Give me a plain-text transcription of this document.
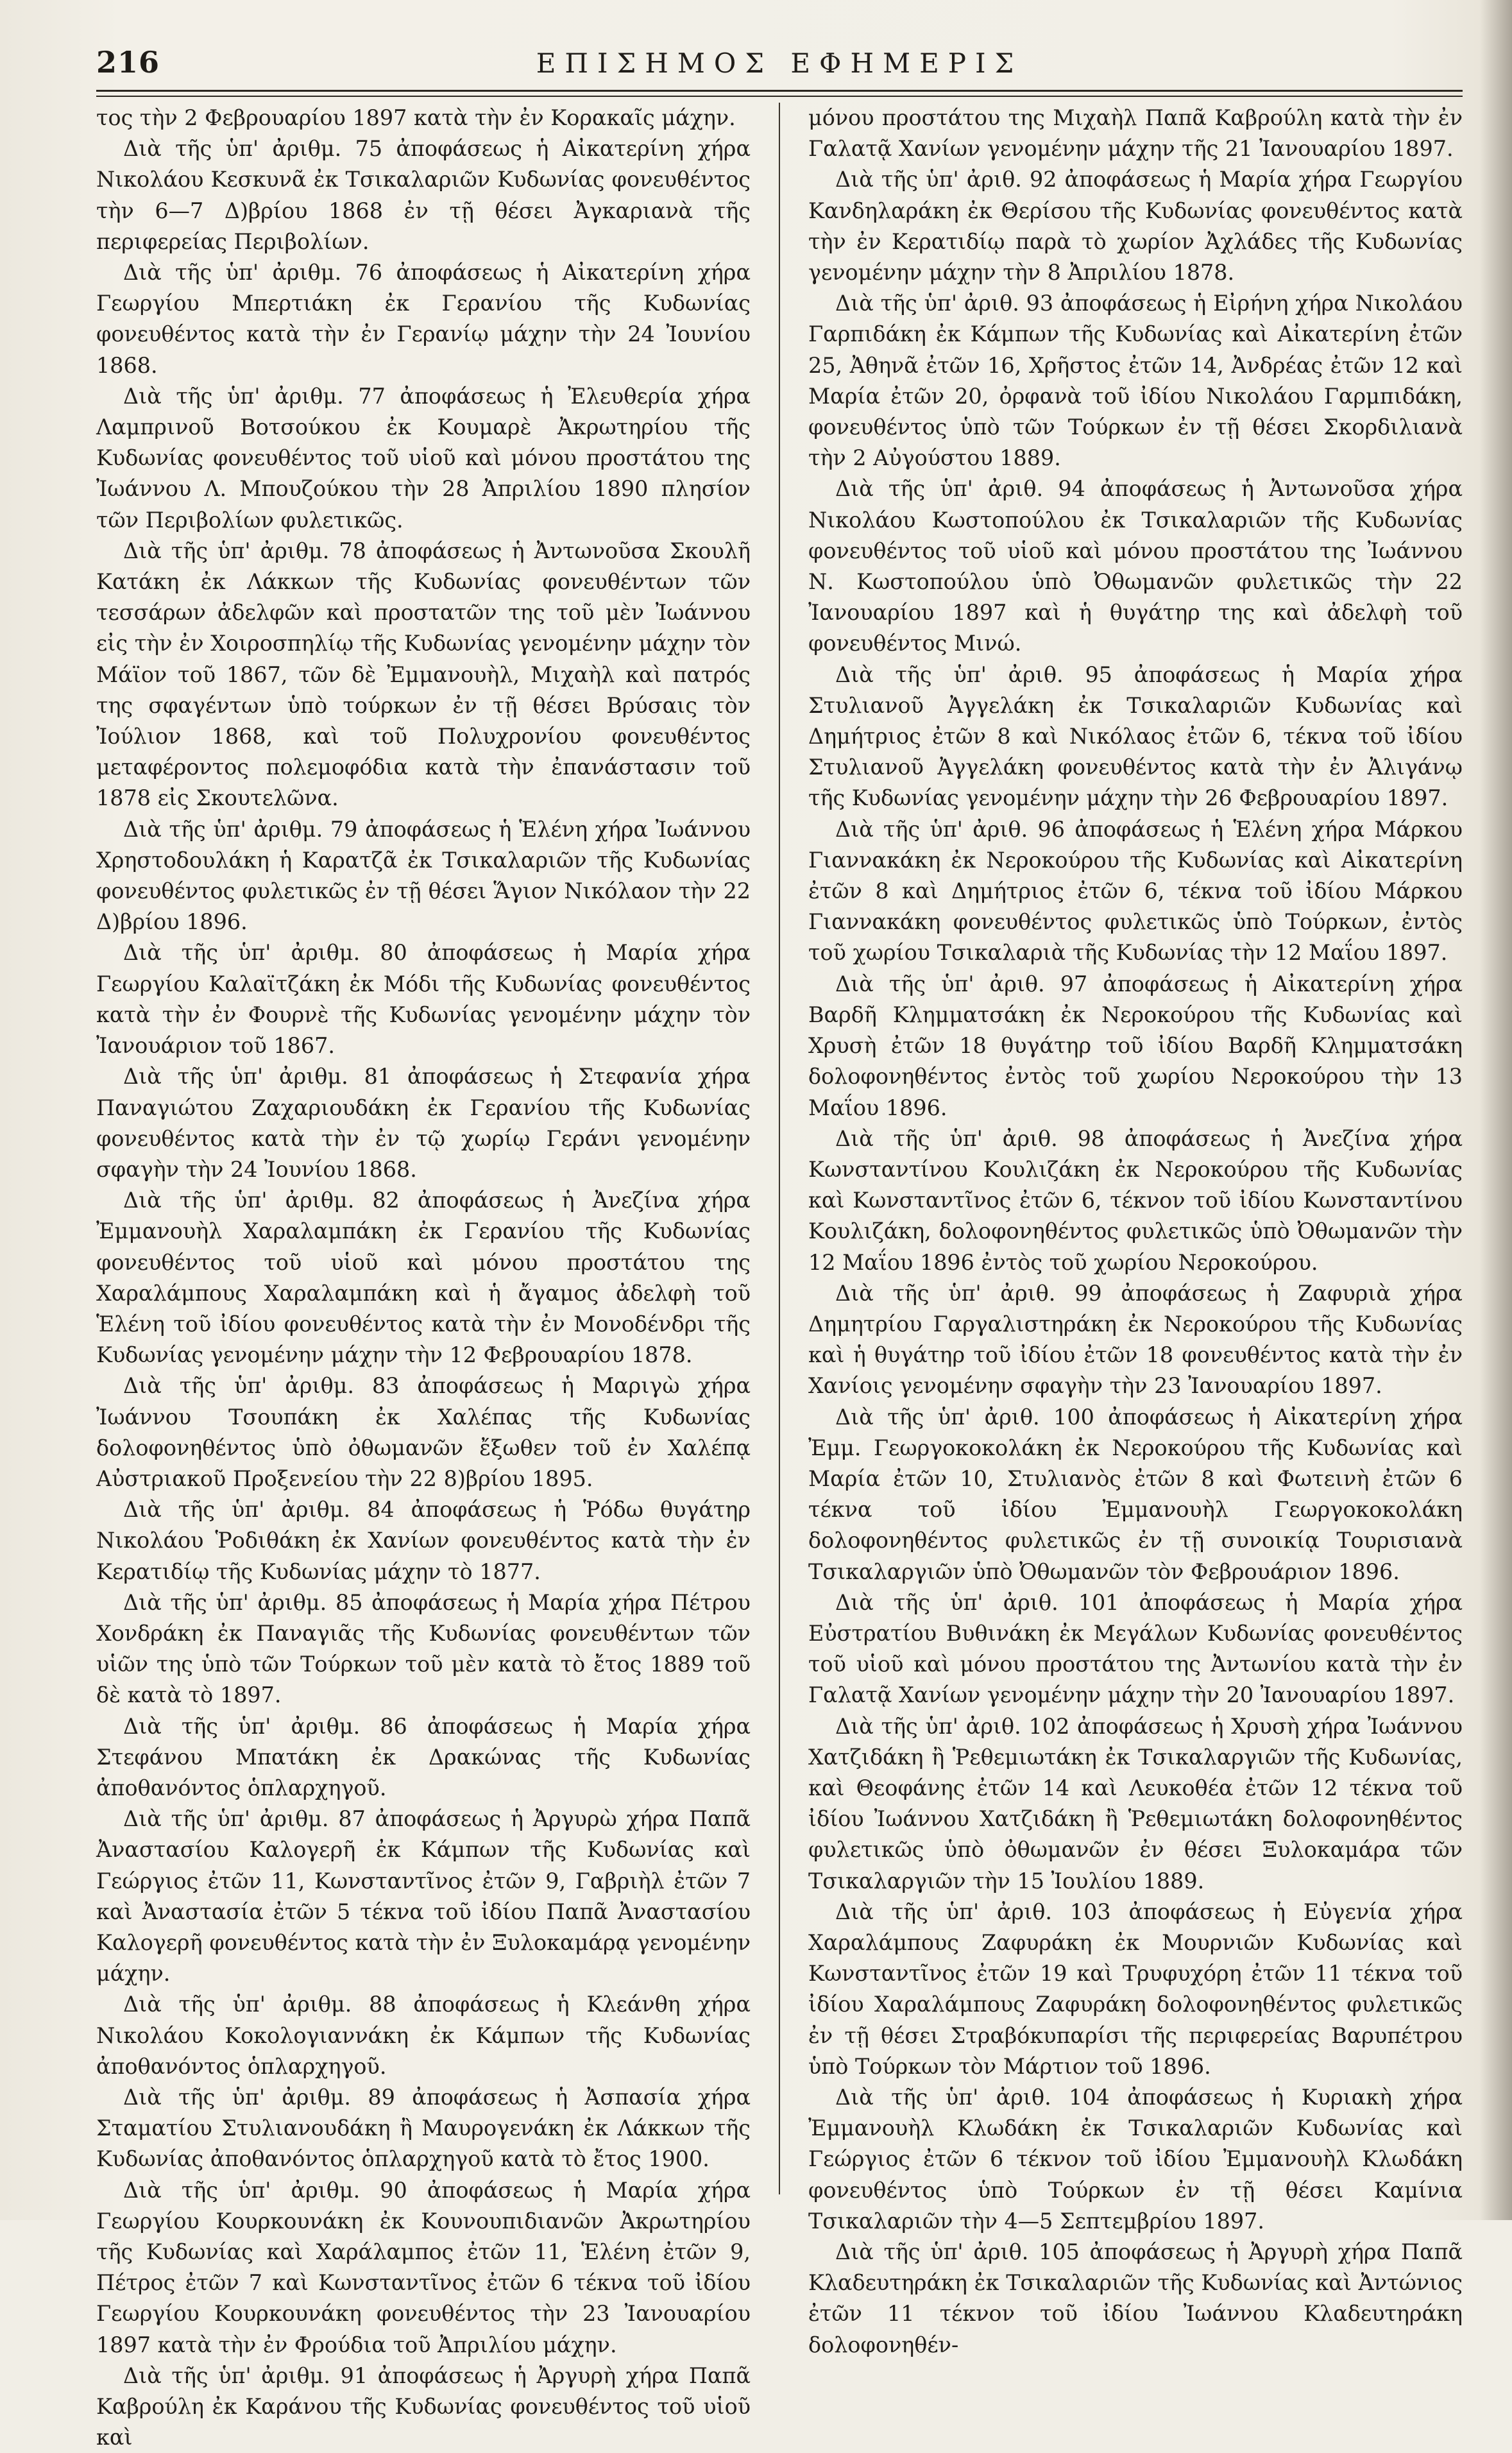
216	ΕΠΙΣΗΜΟΣ ΕΦΗΜΕΡΙΣ

τος τὴν 2 Φεβρουαρίου 1897 κατὰ τὴν ἐν Κορακαῖς μάχην.

Διὰ τῆς ὑπ' ἀριθμ. 75 ἀποφάσεως ἡ Αἰκατερίνη χήρα Νικολάου Κεσκυνᾶ ἐκ Τσικαλαριῶν Κυδωνίας φονευθέντος τὴν 6—7 Δ)βρίου 1868 ἐν τῇ θέσει Ἀγκαριανὰ τῆς περιφερείας Περιβολίων.

Διὰ τῆς ὑπ' ἀριθμ. 76 ἀποφάσεως ἡ Αἰκατερίνη χήρα Γεωργίου Μπερτιάκη ἐκ Γερανίου τῆς Κυδωνίας φονευθέντος κατὰ τὴν ἐν Γερανίῳ μάχην τὴν 24 Ἰουνίου 1868.

Διὰ τῆς ὑπ' ἀριθμ. 77 ἀποφάσεως ἡ Ἐλευθερία χήρα Λαμπρινοῦ Βοτσούκου ἐκ Κουμαρὲ Ἀκρωτηρίου τῆς Κυδωνίας φονευθέντος τοῦ υἱοῦ καὶ μόνου προστάτου της Ἰωάννου Λ. Μπουζούκου τὴν 28 Ἀπριλίου 1890 πλησίον τῶν Περιβολίων φυλετικῶς.

Διὰ τῆς ὑπ' ἀριθμ. 78 ἀποφάσεως ἡ Ἀντωνοῦσα Σκουλῆ Κατάκη ἐκ Λάκκων τῆς Κυδωνίας φονευθέντων τῶν τεσσάρων ἀδελφῶν καὶ προστατῶν της τοῦ μὲν Ἰωάννου εἰς τὴν ἐν Χοιροσπηλίῳ τῆς Κυδωνίας γενομένην μάχην τὸν Μάϊον τοῦ 1867, τῶν δὲ Ἐμμανουὴλ, Μιχαὴλ καὶ πατρός της σφαγέντων ὑπὸ τούρκων ἐν τῇ θέσει Βρύσαις τὸν Ἰούλιον 1868, καὶ τοῦ Πολυχρονίου φονευθέντος μεταφέροντος πολεμοφόδια κατὰ τὴν ἐπανάστασιν τοῦ 1878 εἰς Σκουτελῶνα.

Διὰ τῆς ὑπ' ἀριθμ. 79 ἀποφάσεως ἡ Ἑλένη χήρα Ἰωάννου Χρηστοδουλάκη ἡ Καρατζᾶ ἐκ Τσικαλαριῶν τῆς Κυδωνίας φονευθέντος φυλετικῶς ἐν τῇ θέσει Ἅγιον Νικόλαον τὴν 22 Δ)βρίου 1896.

Διὰ τῆς ὑπ' ἀριθμ. 80 ἀποφάσεως ἡ Μαρία χήρα Γεωργίου Καλαϊτζάκη ἐκ Μόδι τῆς Κυδωνίας φονευθέντος κατὰ τὴν ἐν Φουρνὲ τῆς Κυδωνίας γενομένην μάχην τὸν Ἰανουάριον τοῦ 1867.

Διὰ τῆς ὑπ' ἀριθμ. 81 ἀποφάσεως ἡ Στεφανία χήρα Παναγιώτου Ζαχαριουδάκη ἐκ Γερανίου τῆς Κυδωνίας φονευθέντος κατὰ τὴν ἐν τῷ χωρίῳ Γεράνι γενομένην σφαγὴν τὴν 24 Ἰουνίου 1868.

Διὰ τῆς ὑπ' ἀριθμ. 82 ἀποφάσεως ἡ Ἀνεζίνα χήρα Ἐμμανουὴλ Χαραλαμπάκη ἐκ Γερανίου τῆς Κυδωνίας φονευθέντος τοῦ υἱοῦ καὶ μόνου προστάτου της Χαραλάμπους Χαραλαμπάκη καὶ ἡ ἄγαμος ἀδελφὴ τοῦ Ἑλένη τοῦ ἰδίου φονευθέντος κατὰ τὴν ἐν Μονοδένδρι τῆς Κυδωνίας γενομένην μάχην τὴν 12 Φεβρουαρίου 1878.

Διὰ τῆς ὑπ' ἀριθμ. 83 ἀποφάσεως ἡ Μαριγὼ χήρα Ἰωάννου Τσουπάκη ἐκ Χαλέπας τῆς Κυδωνίας δολοφονηθέντος ὑπὸ ὀθωμανῶν ἔξωθεν τοῦ ἐν Χαλέπᾳ Αὐστριακοῦ Προξενείου τὴν 22 8)βρίου 1895.

Διὰ τῆς ὑπ' ἀριθμ. 84 ἀποφάσεως ἡ Ῥόδω θυγάτηρ Νικολάου Ῥοδιθάκη ἐκ Χανίων φονευθέντος κατὰ τὴν ἐν Κερατιδίῳ τῆς Κυδωνίας μάχην τὸ 1877.

Διὰ τῆς ὑπ' ἀριθμ. 85 ἀποφάσεως ἡ Μαρία χήρα Πέτρου Χονδράκη ἐκ Παναγιᾶς τῆς Κυδωνίας φονευθέντων τῶν υἱῶν της ὑπὸ τῶν Τούρκων τοῦ μὲν κατὰ τὸ ἔτος 1889 τοῦ δὲ κατὰ τὸ 1897.

Διὰ τῆς ὑπ' ἀριθμ. 86 ἀποφάσεως ἡ Μαρία χήρα Στεφάνου Μπατάκη ἐκ Δρακώνας τῆς Κυδωνίας ἀποθανόντος ὁπλαρχηγοῦ.

Διὰ τῆς ὑπ' ἀριθμ. 87 ἀποφάσεως ἡ Ἀργυρὼ χήρα Παπᾶ Ἀναστασίου Καλογερῆ ἐκ Κάμπων τῆς Κυδωνίας καὶ Γεώργιος ἐτῶν 11, Κωνσταντῖνος ἐτῶν 9, Γαβριὴλ ἐτῶν 7 καὶ Ἀναστασία ἐτῶν 5 τέκνα τοῦ ἰδίου Παπᾶ Ἀναστασίου Καλογερῆ φονευθέντος κατὰ τὴν ἐν Ξυλοκαμάρᾳ γενομένην μάχην.

Διὰ τῆς ὑπ' ἀριθμ. 88 ἀποφάσεως ἡ Κλεάνθη χήρα Νικολάου Κοκολογιαννάκη ἐκ Κάμπων τῆς Κυδωνίας ἀποθανόντος ὁπλαρχηγοῦ.

Διὰ τῆς ὑπ' ἀριθμ. 89 ἀποφάσεως ἡ Ἀσπασία χήρα Σταματίου Στυλιανουδάκη ἢ Μαυρογενάκη ἐκ Λάκκων τῆς Κυδωνίας ἀποθανόντος ὁπλαρχηγοῦ κατὰ τὸ ἔτος 1900.

Διὰ τῆς ὑπ' ἀριθμ. 90 ἀποφάσεως ἡ Μαρία χήρα Γεωργίου Κουρκουνάκη ἐκ Κουνουπιδιανῶν Ἀκρωτηρίου τῆς Κυδωνίας καὶ Χαράλαμπος ἐτῶν 11, Ἑλένη ἐτῶν 9, Πέτρος ἐτῶν 7 καὶ Κωνσταντῖνος ἐτῶν 6 τέκνα τοῦ ἰδίου Γεωργίου Κουρκουνάκη φονευθέντος τὴν 23 Ἰανουαρίου 1897 κατὰ τὴν ἐν Φρούδια τοῦ Ἀπριλίου μάχην.

Διὰ τῆς ὑπ' ἀριθμ. 91 ἀποφάσεως ἡ Ἀργυρὴ χήρα Παπᾶ Καβρούλη ἐκ Καράνου τῆς Κυδωνίας φονευθέντος τοῦ υἱοῦ καὶ

μόνου προστάτου της Μιχαὴλ Παπᾶ Καβρούλη κατὰ τὴν ἐν Γαλατᾷ Χανίων γενομένην μάχην τῆς 21 Ἰανουαρίου 1897.

Διὰ τῆς ὑπ' ἀριθ. 92 ἀποφάσεως ἡ Μαρία χήρα Γεωργίου Κανδηλαράκη ἐκ Θερίσου τῆς Κυδωνίας φονευθέντος κατὰ τὴν ἐν Κερατιδίῳ παρὰ τὸ χωρίον Ἀχλάδες τῆς Κυδωνίας γενομένην μάχην τὴν 8 Ἀπριλίου 1878.

Διὰ τῆς ὑπ' ἀριθ. 93 ἀποφάσεως ἡ Εἰρήνη χήρα Νικολάου Γαρπιδάκη ἐκ Κάμπων τῆς Κυδωνίας καὶ Αἰκατερίνη ἐτῶν 25, Ἀθηνᾶ ἐτῶν 16, Χρῆστος ἐτῶν 14, Ἀνδρέας ἐτῶν 12 καὶ Μαρία ἐτῶν 20, ὀρφανὰ τοῦ ἰδίου Νικολάου Γαρμπιδάκη, φονευθέντος ὑπὸ τῶν Τούρκων ἐν τῇ θέσει Σκορδιλιανὰ τὴν 2 Αὐγούστου 1889.

Διὰ τῆς ὑπ' ἀριθ. 94 ἀποφάσεως ἡ Ἀντωνοῦσα χήρα Νικολάου Κωστοπούλου ἐκ Τσικαλαριῶν τῆς Κυδωνίας φονευθέντος τοῦ υἱοῦ καὶ μόνου προστάτου της Ἰωάννου Ν. Κωστοπούλου ὑπὸ Ὀθωμανῶν φυλετικῶς τὴν 22 Ἰανουαρίου 1897 καὶ ἡ θυγάτηρ της καὶ ἀδελφὴ τοῦ φονευθέντος Μινώ.

Διὰ τῆς ὑπ' ἀριθ. 95 ἀποφάσεως ἡ Μαρία χήρα Στυλιανοῦ Ἀγγελάκη ἐκ Τσικαλαριῶν Κυδωνίας καὶ Δημήτριος ἐτῶν 8 καὶ Νικόλαος ἐτῶν 6, τέκνα τοῦ ἰδίου Στυλιανοῦ Ἀγγελάκη φονευθέντος κατὰ τὴν ἐν Ἀλιγάνῳ τῆς Κυδωνίας γενομένην μάχην τὴν 26 Φεβρουαρίου 1897.

Διὰ τῆς ὑπ' ἀριθ. 96 ἀποφάσεως ἡ Ἑλένη χήρα Μάρκου Γιαννακάκη ἐκ Νεροκούρου τῆς Κυδωνίας καὶ Αἰκατερίνη ἐτῶν 8 καὶ Δημήτριος ἐτῶν 6, τέκνα τοῦ ἰδίου Μάρκου Γιαννακάκη φονευθέντος φυλετικῶς ὑπὸ Τούρκων, ἐντὸς τοῦ χωρίου Τσικαλαριὰ τῆς Κυδωνίας τὴν 12 Μαΐου 1897.

Διὰ τῆς ὑπ' ἀριθ. 97 ἀποφάσεως ἡ Αἰκατερίνη χήρα Βαρδῆ Κλημματσάκη ἐκ Νεροκούρου τῆς Κυδωνίας καὶ Χρυσὴ ἐτῶν 18 θυγάτηρ τοῦ ἰδίου Βαρδῆ Κλημματσάκη δολοφονηθέντος ἐντὸς τοῦ χωρίου Νεροκούρου τὴν 13 Μαΐου 1896.

Διὰ τῆς ὑπ' ἀριθ. 98 ἀποφάσεως ἡ Ἀνεζίνα χήρα Κωνσταντίνου Κουλιζάκη ἐκ Νεροκούρου τῆς Κυδωνίας καὶ Κωνσταντῖνος ἐτῶν 6, τέκνον τοῦ ἰδίου Κωνσταντίνου Κουλιζάκη, δολοφονηθέντος φυλετικῶς ὑπὸ Ὀθωμανῶν τὴν 12 Μαΐου 1896 ἐντὸς τοῦ χωρίου Νεροκούρου.

Διὰ τῆς ὑπ' ἀριθ. 99 ἀποφάσεως ἡ Ζαφυριὰ χήρα Δημητρίου Γαργαλιστηράκη ἐκ Νεροκούρου τῆς Κυδωνίας καὶ ἡ θυγάτηρ τοῦ ἰδίου ἐτῶν 18 φονευθέντος κατὰ τὴν ἐν Χανίοις γενομένην σφαγὴν τὴν 23 Ἰανουαρίου 1897.

Διὰ τῆς ὑπ' ἀριθ. 100 ἀποφάσεως ἡ Αἰκατερίνη χήρα Ἐμμ. Γεωργοκοκολάκη ἐκ Νεροκούρου τῆς Κυδωνίας καὶ Μαρία ἐτῶν 10, Στυλιανὸς ἐτῶν 8 καὶ Φωτεινὴ ἐτῶν 6 τέκνα τοῦ ἰδίου Ἐμμανουὴλ Γεωργοκοκολάκη δολοφονηθέντος φυλετικῶς ἐν τῇ συνοικίᾳ Τουρισιανὰ Τσικαλαργιῶν ὑπὸ Ὀθωμανῶν τὸν Φεβρουάριον 1896.

Διὰ τῆς ὑπ' ἀριθ. 101 ἀποφάσεως ἡ Μαρία χήρα Εὐστρατίου Βυθινάκη ἐκ Μεγάλων Κυδωνίας φονευθέντος τοῦ υἱοῦ καὶ μόνου προστάτου της Ἀντωνίου κατὰ τὴν ἐν Γαλατᾷ Χανίων γενομένην μάχην τὴν 20 Ἰανουαρίου 1897.

Διὰ τῆς ὑπ' ἀριθ. 102 ἀποφάσεως ἡ Χρυσὴ χήρα Ἰωάννου Χατζιδάκη ἢ Ῥεθεμιωτάκη ἐκ Τσικαλαργιῶν τῆς Κυδωνίας, καὶ Θεοφάνης ἐτῶν 14 καὶ Λευκοθέα ἐτῶν 12 τέκνα τοῦ ἰδίου Ἰωάννου Χατζιδάκη ἢ Ῥεθεμιωτάκη δολοφονηθέντος φυλετικῶς ὑπὸ ὀθωμανῶν ἐν θέσει Ξυλοκαμάρα τῶν Τσικαλαργιῶν τὴν 15 Ἰουλίου 1889.

Διὰ τῆς ὑπ' ἀριθ. 103 ἀποφάσεως ἡ Εὐγενία χήρα Χαραλάμπους Ζαφυράκη ἐκ Μουρνιῶν Κυδωνίας καὶ Κωνσταντῖνος ἐτῶν 19 καὶ Τρυφυχόρη ἐτῶν 11 τέκνα τοῦ ἰδίου Χαραλάμπους Ζαφυράκη δολοφονηθέντος φυλετικῶς ἐν τῇ θέσει Στραβόκυπαρίσι τῆς περιφερείας Βαρυπέτρου ὑπὸ Τούρκων τὸν Μάρτιον τοῦ 1896.

Διὰ τῆς ὑπ' ἀριθ. 104 ἀποφάσεως ἡ Κυριακὴ χήρα Ἐμμανουὴλ Κλωδάκη ἐκ Τσικαλαριῶν Κυδωνίας καὶ Γεώργιος ἐτῶν 6 τέκνον τοῦ ἰδίου Ἐμμανουὴλ Κλωδάκη φονευθέντος ὑπὸ Τούρκων ἐν τῇ θέσει Καμίνια Τσικαλαριῶν τὴν 4—5 Σεπτεμβρίου 1897.

Διὰ τῆς ὑπ' ἀριθ. 105 ἀποφάσεως ἡ Ἀργυρὴ χήρα Παπᾶ Κλαδευτηράκη ἐκ Τσικαλαριῶν τῆς Κυδωνίας καὶ Ἀντώνιος ἐτῶν 11 τέκνον τοῦ ἰδίου Ἰωάννου Κλαδευτηράκη δολοφονηθέν-
